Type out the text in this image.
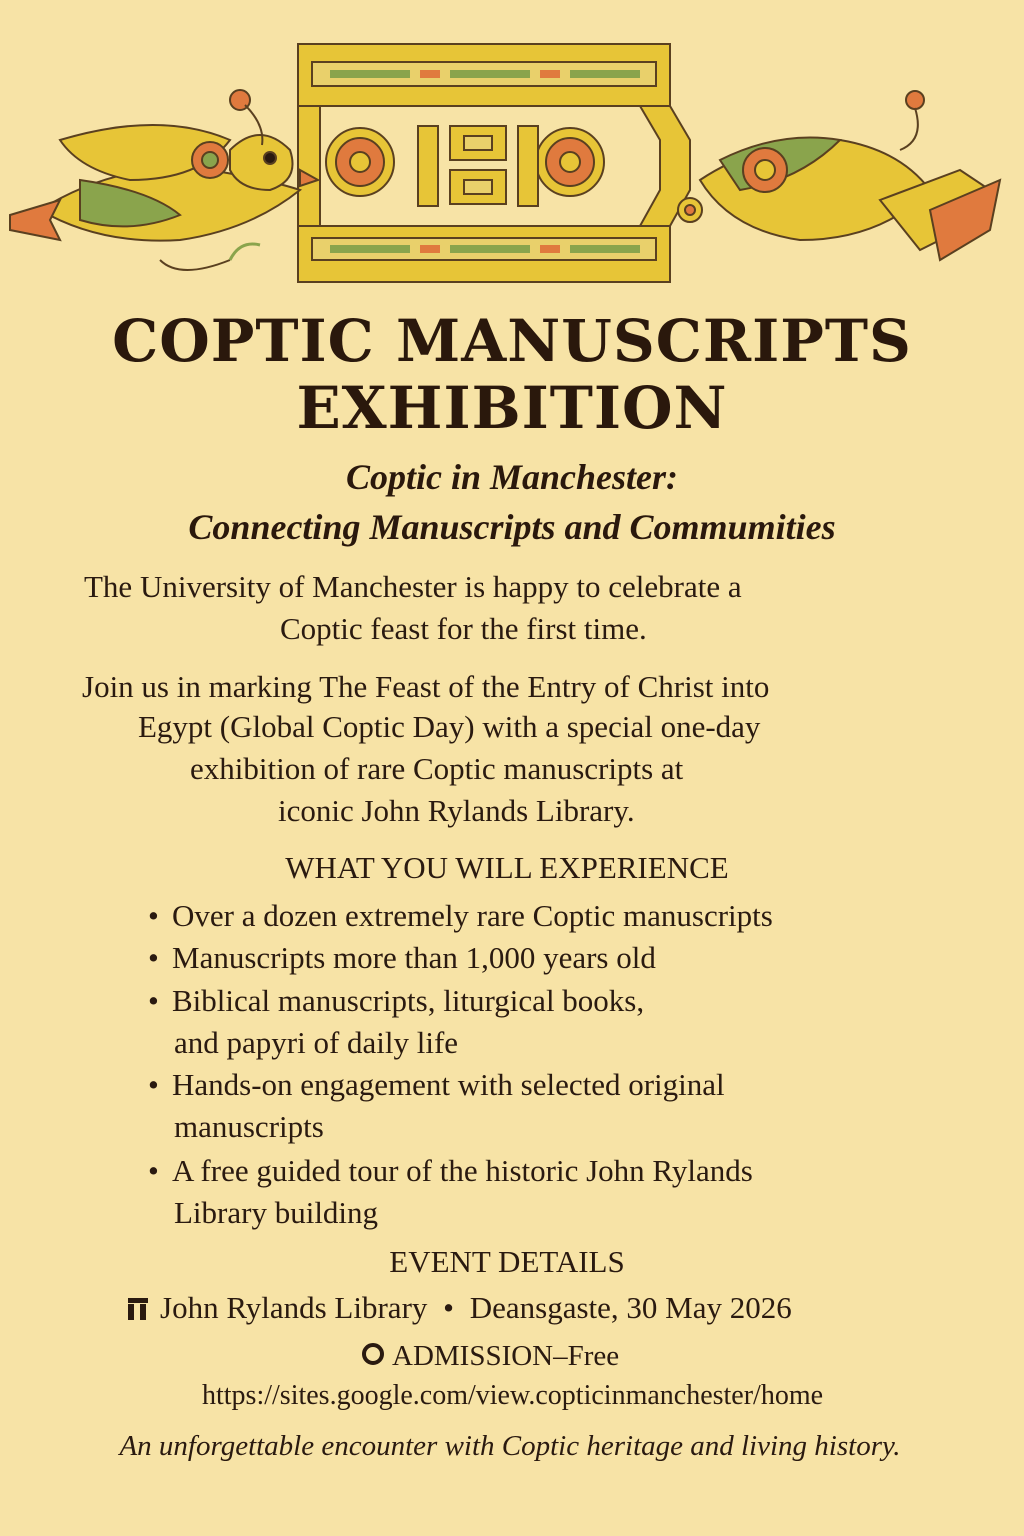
COPTIC MANUSCRIPTS
EXHIBITION
Coptic in Manchester:
Connecting Manuscripts and Commumities
The University of Manchester is happy to celebrate a
Coptic feast for the first time.
Join us in marking The Feast of the Entry of Christ into
Egypt (Global Coptic Day) with a special one-day
exhibition of rare Coptic manuscripts at
iconic John Rylands Library.
WHAT YOU WILL EXPERIENCE
• Over a dozen extremely rare Coptic manuscripts
• Manuscripts more than 1,000 years old
• Biblical manuscripts, liturgical books,
and papyri of daily life
• Hands-on engagement with selected original
manuscripts
• A free guided tour of the historic John Rylands
Library building
EVENT DETAILS
John Rylands Library • Deansgaste, 30 May 2026
ADMISSION–Free
https://sites.google.com/view.copticinmanchester/home
An unforgettable encounter with Coptic heritage and living history.
